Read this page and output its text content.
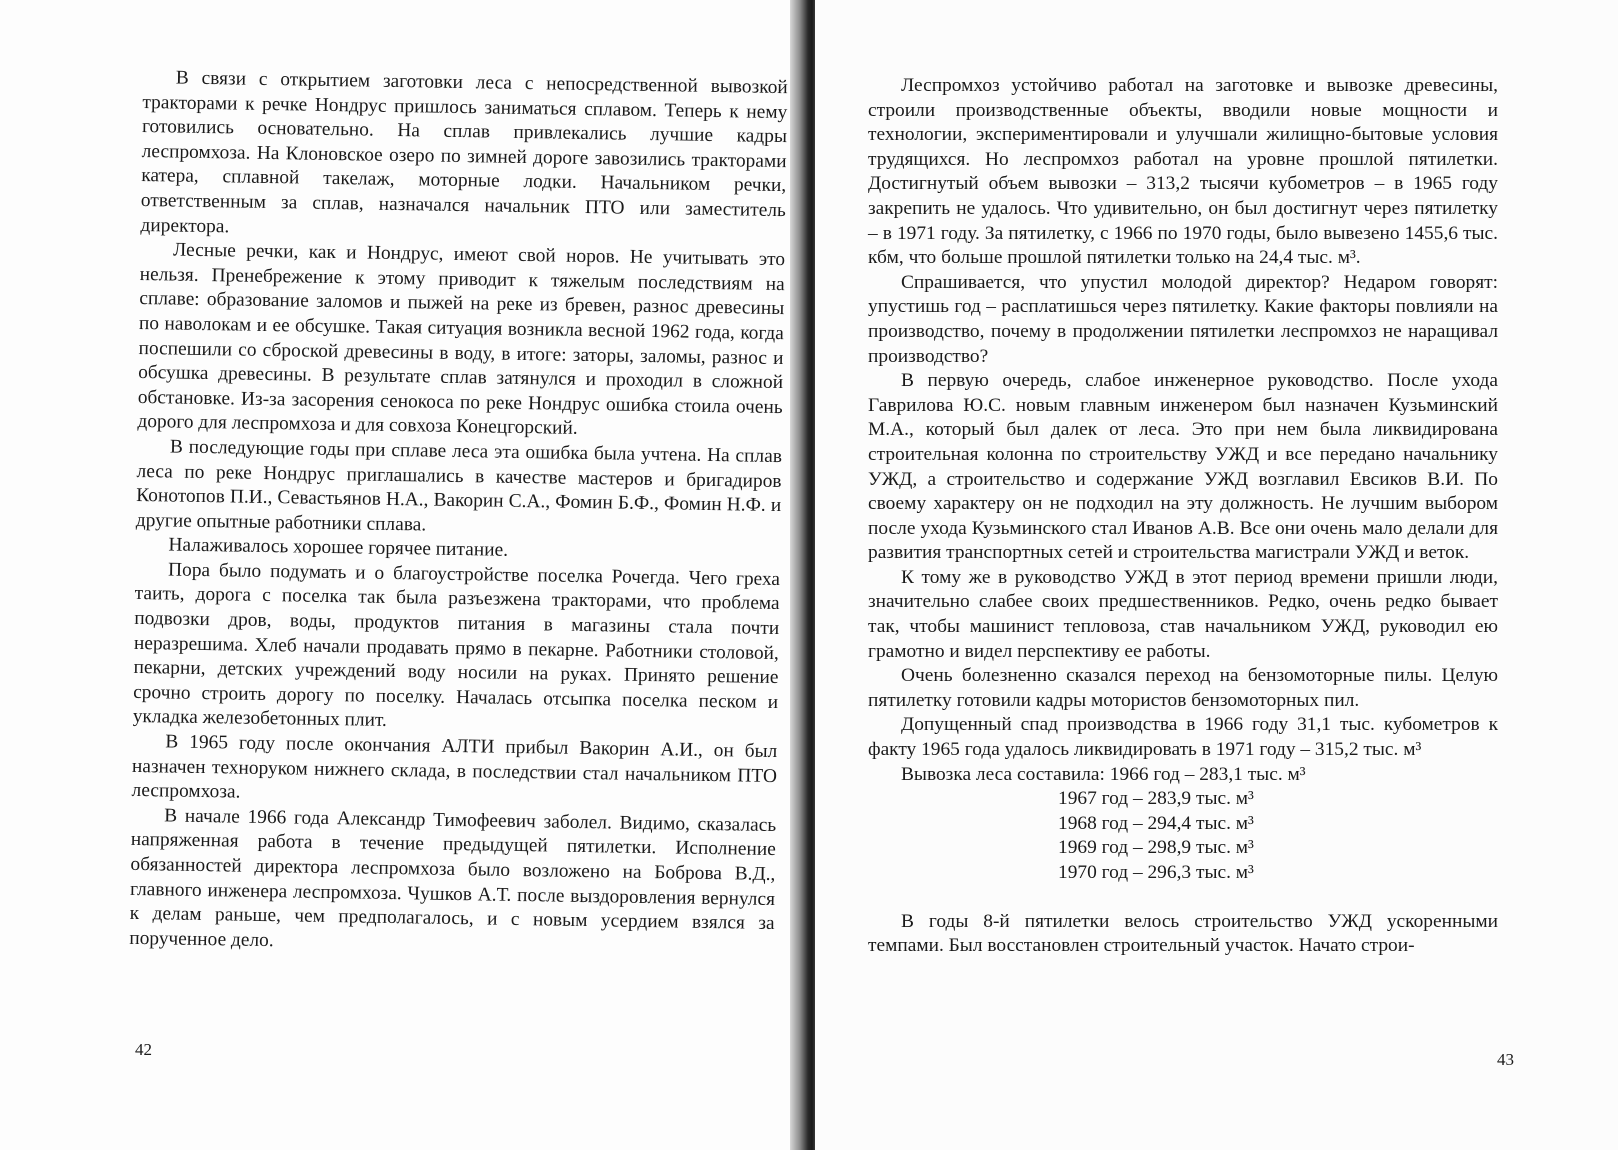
В связи с открытием заготовки леса с непосредственной вывозкой тракторами к речке Нондрус пришлось заниматься сплавом. Теперь к нему готовились основательно. На сплав привлекались лучшие кадры леспромхоза. На Клоновское озеро по зимней дороге завозились тракторами катера, сплавной такелаж, моторные лодки. Начальником речки, ответственным за сплав, назначался начальник ПТО или заместитель директора.

Лесные речки, как и Нондрус, имеют свой норов. Не учитывать это нельзя. Пренебрежение к этому приводит к тяжелым последствиям на сплаве: образование заломов и пыжей на реке из бревен, разнос древесины по наволокам и ее обсушке. Такая ситуация возникла весной 1962 года, когда поспешили со сброской древесины в воду, в итоге: заторы, заломы, разнос и обсушка древесины. В результате сплав затянулся и проходил в сложной обстановке. Из-за засорения сенокоса по реке Нондрус ошибка стоила очень дорого для леспромхоза и для совхоза Конецгорский.

В последующие годы при сплаве леса эта ошибка была учтена. На сплав леса по реке Нондрус приглашались в качестве мастеров и бригадиров Конотопов П.И., Севастьянов Н.А., Вакорин С.А., Фомин Б.Ф., Фомин Н.Ф. и другие опытные работники сплава.

Налаживалось хорошее горячее питание.

Пора было подумать и о благоустройстве поселка Рочегда. Чего греха таить, дорога с поселка так была разъезжена тракторами, что проблема подвозки дров, воды, продуктов питания в магазины стала почти неразрешима. Хлеб начали продавать прямо в пекарне. Работники столовой, пекарни, детских учреждений воду носили на руках. Принято решение срочно строить дорогу по поселку. Началась отсыпка поселка песком и укладка железобетонных плит.

В 1965 году после окончания АЛТИ прибыл Вакорин А.И., он был назначен технoруком нижнего склада, в последствии стал начальником ПТО леспромхоза.

В начале 1966 года Александр Тимофеевич заболел. Видимо, сказалась напряженная работа в течение предыдущей пятилетки. Исполнение обязанностей директора леспромхоза было возложено на Боброва В.Д., главного инженера леспромхоза. Чушков А.Т. после выздоровления вернулся к делам раньше, чем предполагалось, и с новым усердием взялся за порученное дело.

42

Леспромхоз устойчиво работал на заготовке и вывозке древесины, строили производственные объекты, вводили новые мощности и технологии, экспериментировали и улучшали жилищно-бытовые условия трудящихся. Но леспромхоз работал на уровне прошлой пятилетки. Достигнутый объем вывозки – 313,2 тысячи кубометров – в 1965 году закрепить не удалось. Что удивительно, он был достигнут через пятилетку – в 1971 году. За пятилетку, с 1966 по 1970 годы, было вывезено 1455,6 тыс. кбм, что больше прошлой пятилетки только на 24,4 тыс. м³.

Спрашивается, что упустил молодой директор? Недаром говорят: упустишь год – расплатишься через пятилетку. Какие факторы повлияли на производство, почему в продолжении пятилетки леспромхоз не наращивал производство?

В первую очередь, слабое инженерное руководство. После ухода Гаврилова Ю.С. новым главным инженером был назначен Кузьминский М.А., который был далек от леса. Это при нем была ликвидирована строительная колонна по строительству УЖД и все передано начальнику УЖД, а строительство и содержание УЖД возглавил Евсиков В.И. По своему характеру он не подходил на эту должность. Не лучшим выбором после ухода Кузьминского стал Иванов А.В. Все они очень мало делали для развития транспортных сетей и строительства магистрали УЖД и веток.

К тому же в руководство УЖД в этот период времени пришли люди, значительно слабее своих предшественников. Редко, очень редко бывает так, чтобы машинист тепловоза, став начальником УЖД, руководил ею грамотно и видел перспективу ее работы.

Очень болезненно сказался переход на бензомоторные пилы. Целую пятилетку готовили кадры мотористов бензомоторных пил.

Допущенный спад производства в 1966 году 31,1 тыс. кубометров к факту 1965 года удалось ликвидировать в 1971 году – 315,2 тыс. м³

Вывозка леса составила: 1966 год – 283,1 тыс. м³

1967 год – 283,9 тыс. м³
1968 год – 294,4 тыс. м³
1969 год – 298,9 тыс. м³
1970 год – 296,3 тыс. м³

В годы 8-й пятилетки велось строительство УЖД ускоренными темпами. Был восстановлен строительный участок. Начато строи-

43
